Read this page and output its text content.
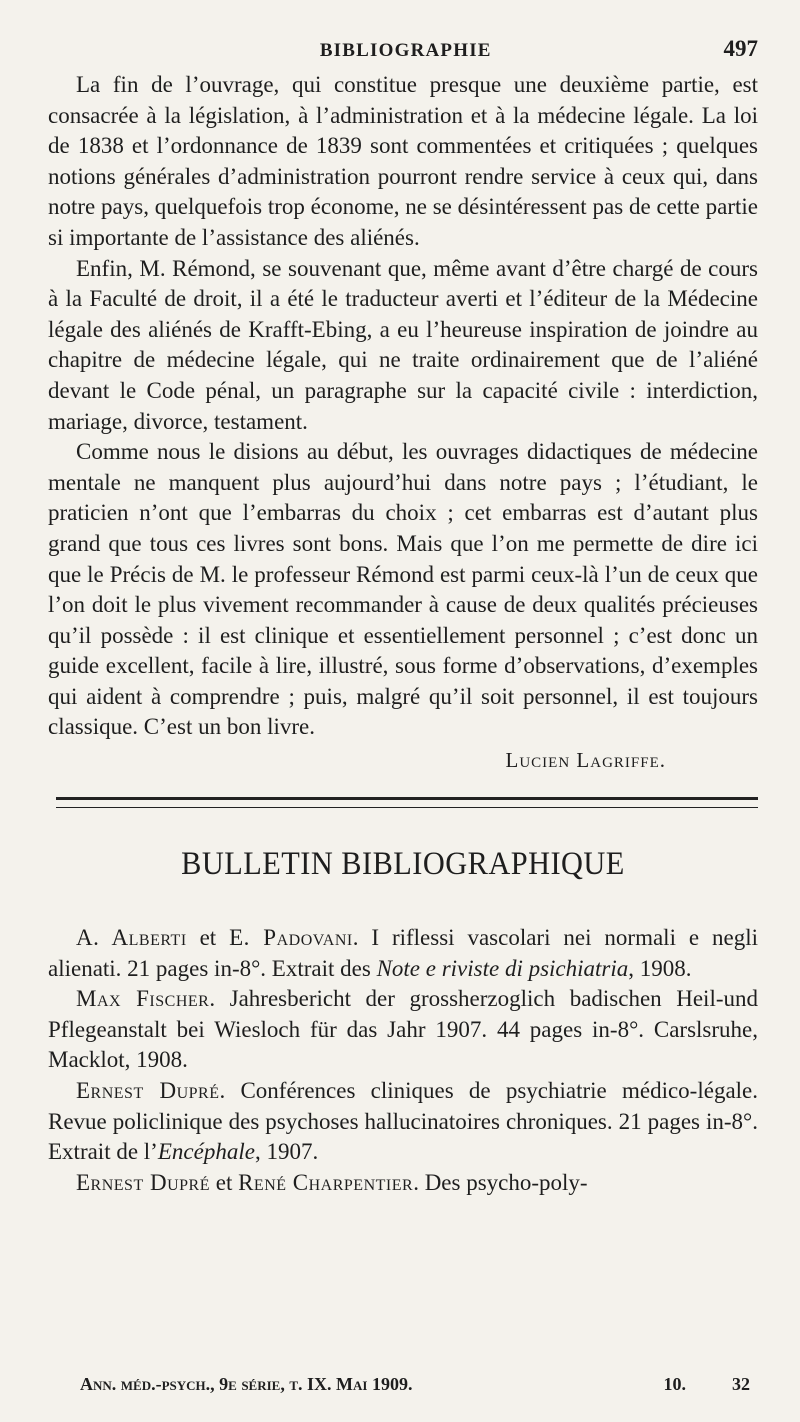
BIBLIOGRAPHIE	497

La fin de l’ouvrage, qui constitue presque une deuxième partie, est consacrée à la législation, à l’administration et à la médecine légale. La loi de 1838 et l’ordonnance de 1839 sont commentées et critiquées ; quelques notions générales d’administration pourront rendre service à ceux qui, dans notre pays, quelquefois trop économe, ne se désintéressent pas de cette partie si importante de l’assistance des aliénés.

Enfin, M. Rémond, se souvenant que, même avant d’être chargé de cours à la Faculté de droit, il a été le traducteur averti et l’éditeur de la Médecine légale des aliénés de Krafft-Ebing, a eu l’heureuse inspiration de joindre au chapitre de médecine légale, qui ne traite ordinairement que de l’aliéné devant le Code pénal, un paragraphe sur la capacité civile : interdiction, mariage, divorce, testament.

Comme nous le disions au début, les ouvrages didactiques de médecine mentale ne manquent plus aujourd’hui dans notre pays ; l’étudiant, le praticien n’ont que l’embarras du choix ; cet embarras est d’autant plus grand que tous ces livres sont bons. Mais que l’on me permette de dire ici que le Précis de M. le professeur Rémond est parmi ceux-là l’un de ceux que l’on doit le plus vivement recommander à cause de deux qualités précieuses qu’il possède : il est clinique et essentiellement personnel ; c’est donc un guide excellent, facile à lire, illustré, sous forme d’observations, d’exemples qui aident à comprendre ; puis, malgré qu’il soit personnel, il est toujours classique. C’est un bon livre.

Lucien Lagriffe.
BULLETIN BIBLIOGRAPHIQUE

A. Alberti et E. Padovani. I riflessi vascolari nei normali e negli alienati. 21 pages in-8°. Extrait des Note e riviste di psichiatria, 1908.

Max Fischer. Jahresbericht der grossherzoglich badischen Heil-und Pflegeanstalt bei Wiesloch für das Jahr 1907. 44 pages in-8°. Carslsruhe, Macklot, 1908.

Ernest Dupré. Conférences cliniques de psychiatrie médico-légale. Revue policlinique des psychoses hallucinatoires chroniques. 21 pages in-8°. Extrait de l’Encéphale, 1907.

Ernest Dupré et René Charpentier. Des psycho-poly-

Ann. méd.-psych., 9e série, t. IX. Mai 1909.	10.	32
